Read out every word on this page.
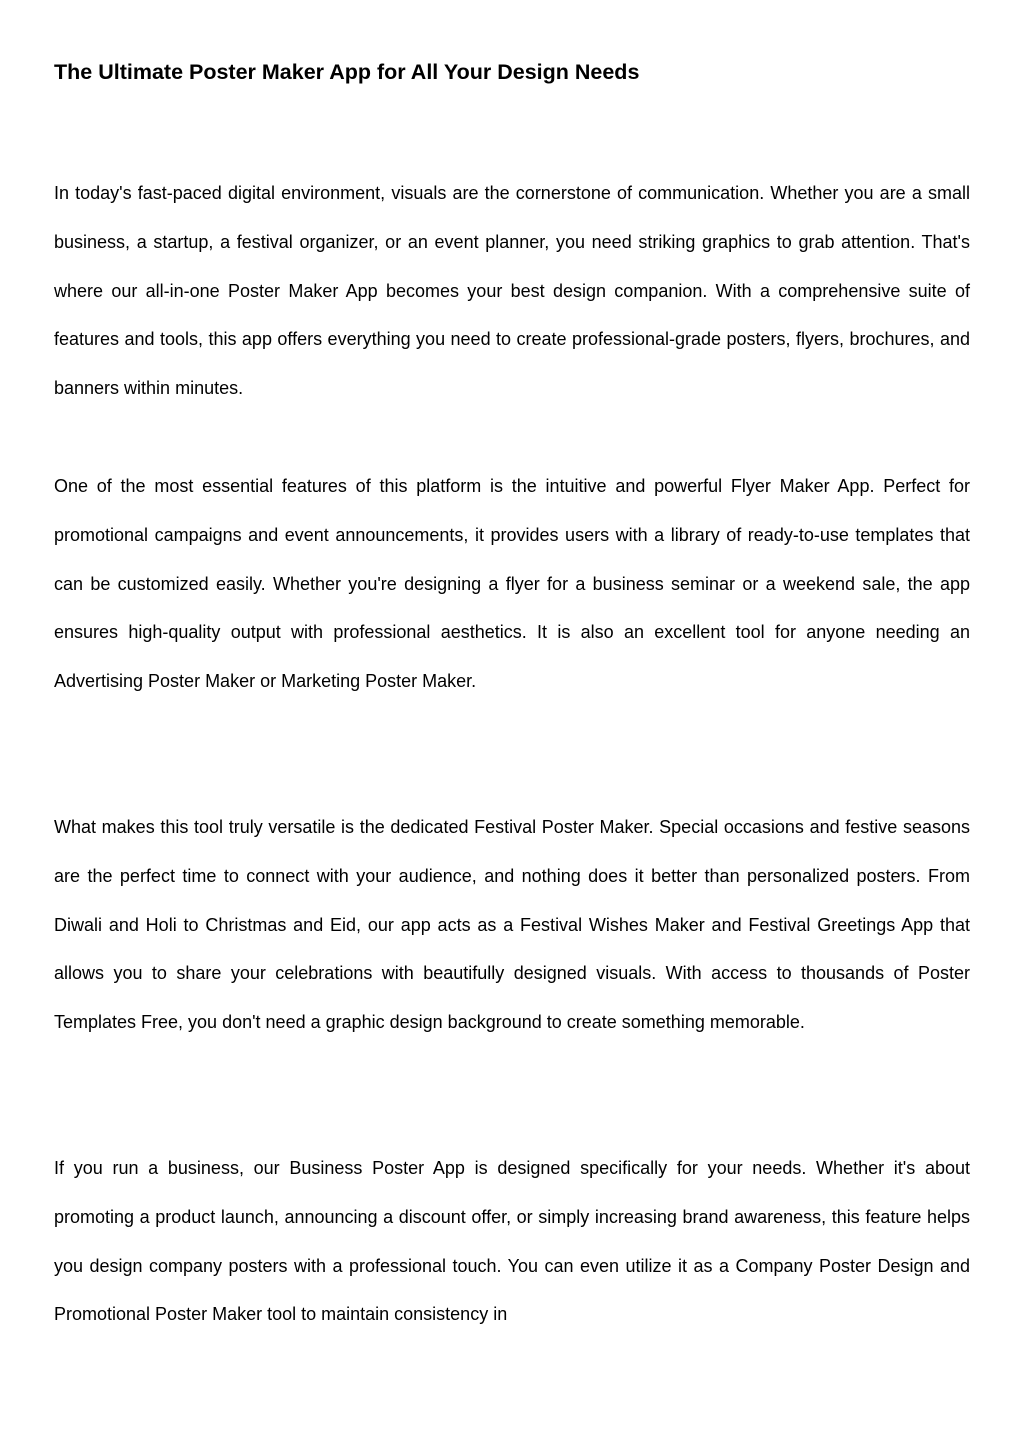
The Ultimate Poster Maker App for All Your Design Needs

In today's fast-paced digital environment, visuals are the cornerstone of communication. Whether you are a small business, a startup, a festival organizer, or an event planner, you need striking graphics to grab attention. That's where our all-in-one Poster Maker App becomes your best design companion. With a comprehensive suite of features and tools, this app offers everything you need to create professional-grade posters, flyers, brochures, and banners within minutes.

One of the most essential features of this platform is the intuitive and powerful Flyer Maker App. Perfect for promotional campaigns and event announcements, it provides users with a library of ready-to-use templates that can be customized easily. Whether you're designing a flyer for a business seminar or a weekend sale, the app ensures high-quality output with professional aesthetics. It is also an excellent tool for anyone needing an Advertising Poster Maker or Marketing Poster Maker.

What makes this tool truly versatile is the dedicated Festival Poster Maker. Special occasions and festive seasons are the perfect time to connect with your audience, and nothing does it better than personalized posters. From Diwali and Holi to Christmas and Eid, our app acts as a Festival Wishes Maker and Festival Greetings App that allows you to share your celebrations with beautifully designed visuals. With access to thousands of Poster Templates Free, you don't need a graphic design background to create something memorable.

If you run a business, our Business Poster App is designed specifically for your needs. Whether it's about promoting a product launch, announcing a discount offer, or simply increasing brand awareness, this feature helps you design company posters with a professional touch. You can even utilize it as a Company Poster Design and Promotional Poster Maker tool to maintain consistency in
